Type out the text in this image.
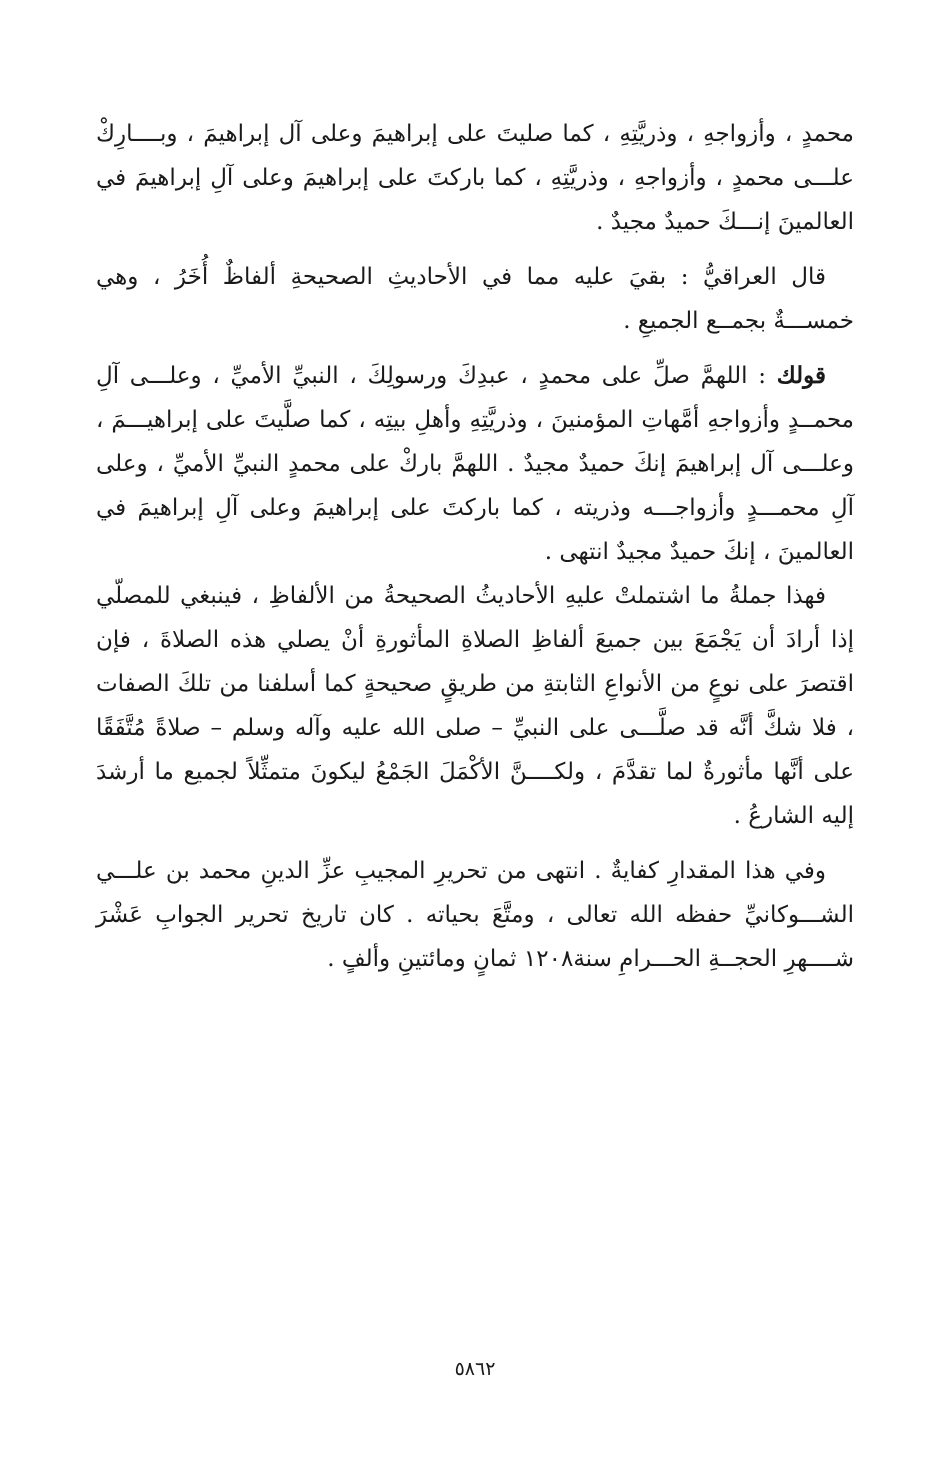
محمدٍ ، وأزواجهِ ، وذريَّتِهِ ، كما صليتَ على إبراهيمَ وعلى آل إبراهيمَ ، وبــــارِكْ علـــى محمدٍ ، وأزواجهِ ، وذريَّتِهِ ، كما باركتَ على إبراهيمَ وعلى آلِ إبراهيمَ في العالمينَ إنـــكَ حميدٌ مجيدٌ .

قال العراقيُّ : بقيَ عليه مما في الأحاديثِ الصحيحةِ ألفاظٌ أُخَرُ ، وهي خمســـةٌ بجمــع الجميعِ .

قولك : اللهمَّ صلِّ على محمدٍ ، عبدِكَ ورسولِكَ ، النبيِّ الأميِّ ، وعلـــى آلِ محمــدٍ وأزواجهِ أمَّهاتِ المؤمنينَ ، وذريَّتِهِ وأهلِ بيتِه ، كما صلَّيتَ على إبراهيـــمَ ، وعلـــى آل إبراهيمَ إنكَ حميدٌ مجيدٌ . اللهمَّ باركْ على محمدٍ النبيِّ الأميِّ ، وعلى آلِ محمـــدٍ وأزواجـــه وذريته ، كما باركتَ على إبراهيمَ وعلى آلِ إبراهيمَ في العالمينَ ، إنكَ حميدٌ مجيدٌ انتهى .

فهذا جملةُ ما اشتملتْ عليهِ الأحاديثُ الصحيحةُ من الألفاظِ ، فينبغي للمصلّي إذا أرادَ أن يَجْمَعَ بين جميعَ ألفاظِ الصلاةِ المأثورةِ أنْ يصلي هذه الصلاةَ ، فإن اقتصرَ على نوعٍ من الأنواعِ الثابتةِ من طريقٍ صحيحةٍ كما أسلفنا من تلكَ الصفات ، فلا شكَّ أنَّه قد صلَّـــى على النبيِّ – صلى الله عليه وآله وسلم – صلاةً مُتَّفَقًا على أنَّها مأثورةٌ لما تقدَّمَ ، ولكــــنَّ الأكْمَلَ الجَمْعُ ليكونَ متمثِّلاً لجميع ما أرشدَ إليه الشارعُ .

وفي هذا المقدارِ كفايةٌ . انتهى من تحريرِ المجيبِ عزِّ الدينِ محمد بن علـــي الشـــوكانيِّ حفظه الله تعالى ، ومتَّعَ بحياته . كان تاريخ تحرير الجوابِ عَشْرَ شــــهرِ الحجــةِ الحـــرامِ سنة١٢٠٨ ثمانٍ ومائتينِ وألفٍ .

٥٨٦٢
